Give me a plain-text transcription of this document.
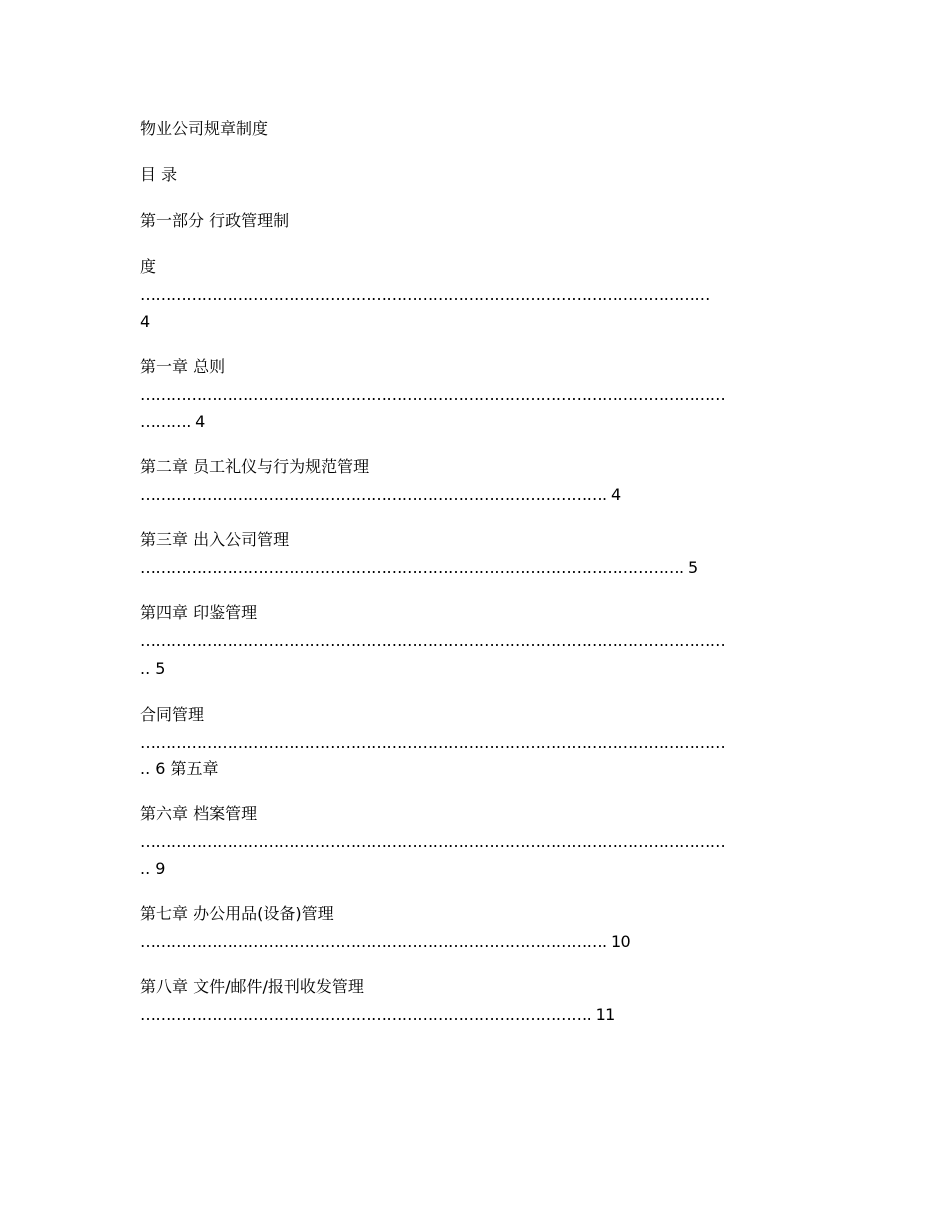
物业公司规章制度

目 录

第一部分 行政管理制

度

…………………………………………………………………………………………………

4

第一章 总则

……………………………………………………………………………………………………

………. 4

第二章 员工礼仪与行为规范管理

………………………………………………………………………………. 4

第三章 出入公司管理

……………………………………………………………………………………………. 5

第四章 印鉴管理

……………………………………………………………………………………………………

.. 5

合同管理

……………………………………………………………………………………………………

.. 6 第五章

第六章 档案管理

……………………………………………………………………………………………………

.. 9

第七章 办公用品(设备)管理

………………………………………………………………………………. 10

第八章 文件/邮件/报刊收发管理

……………………………………………………………………………. 11
